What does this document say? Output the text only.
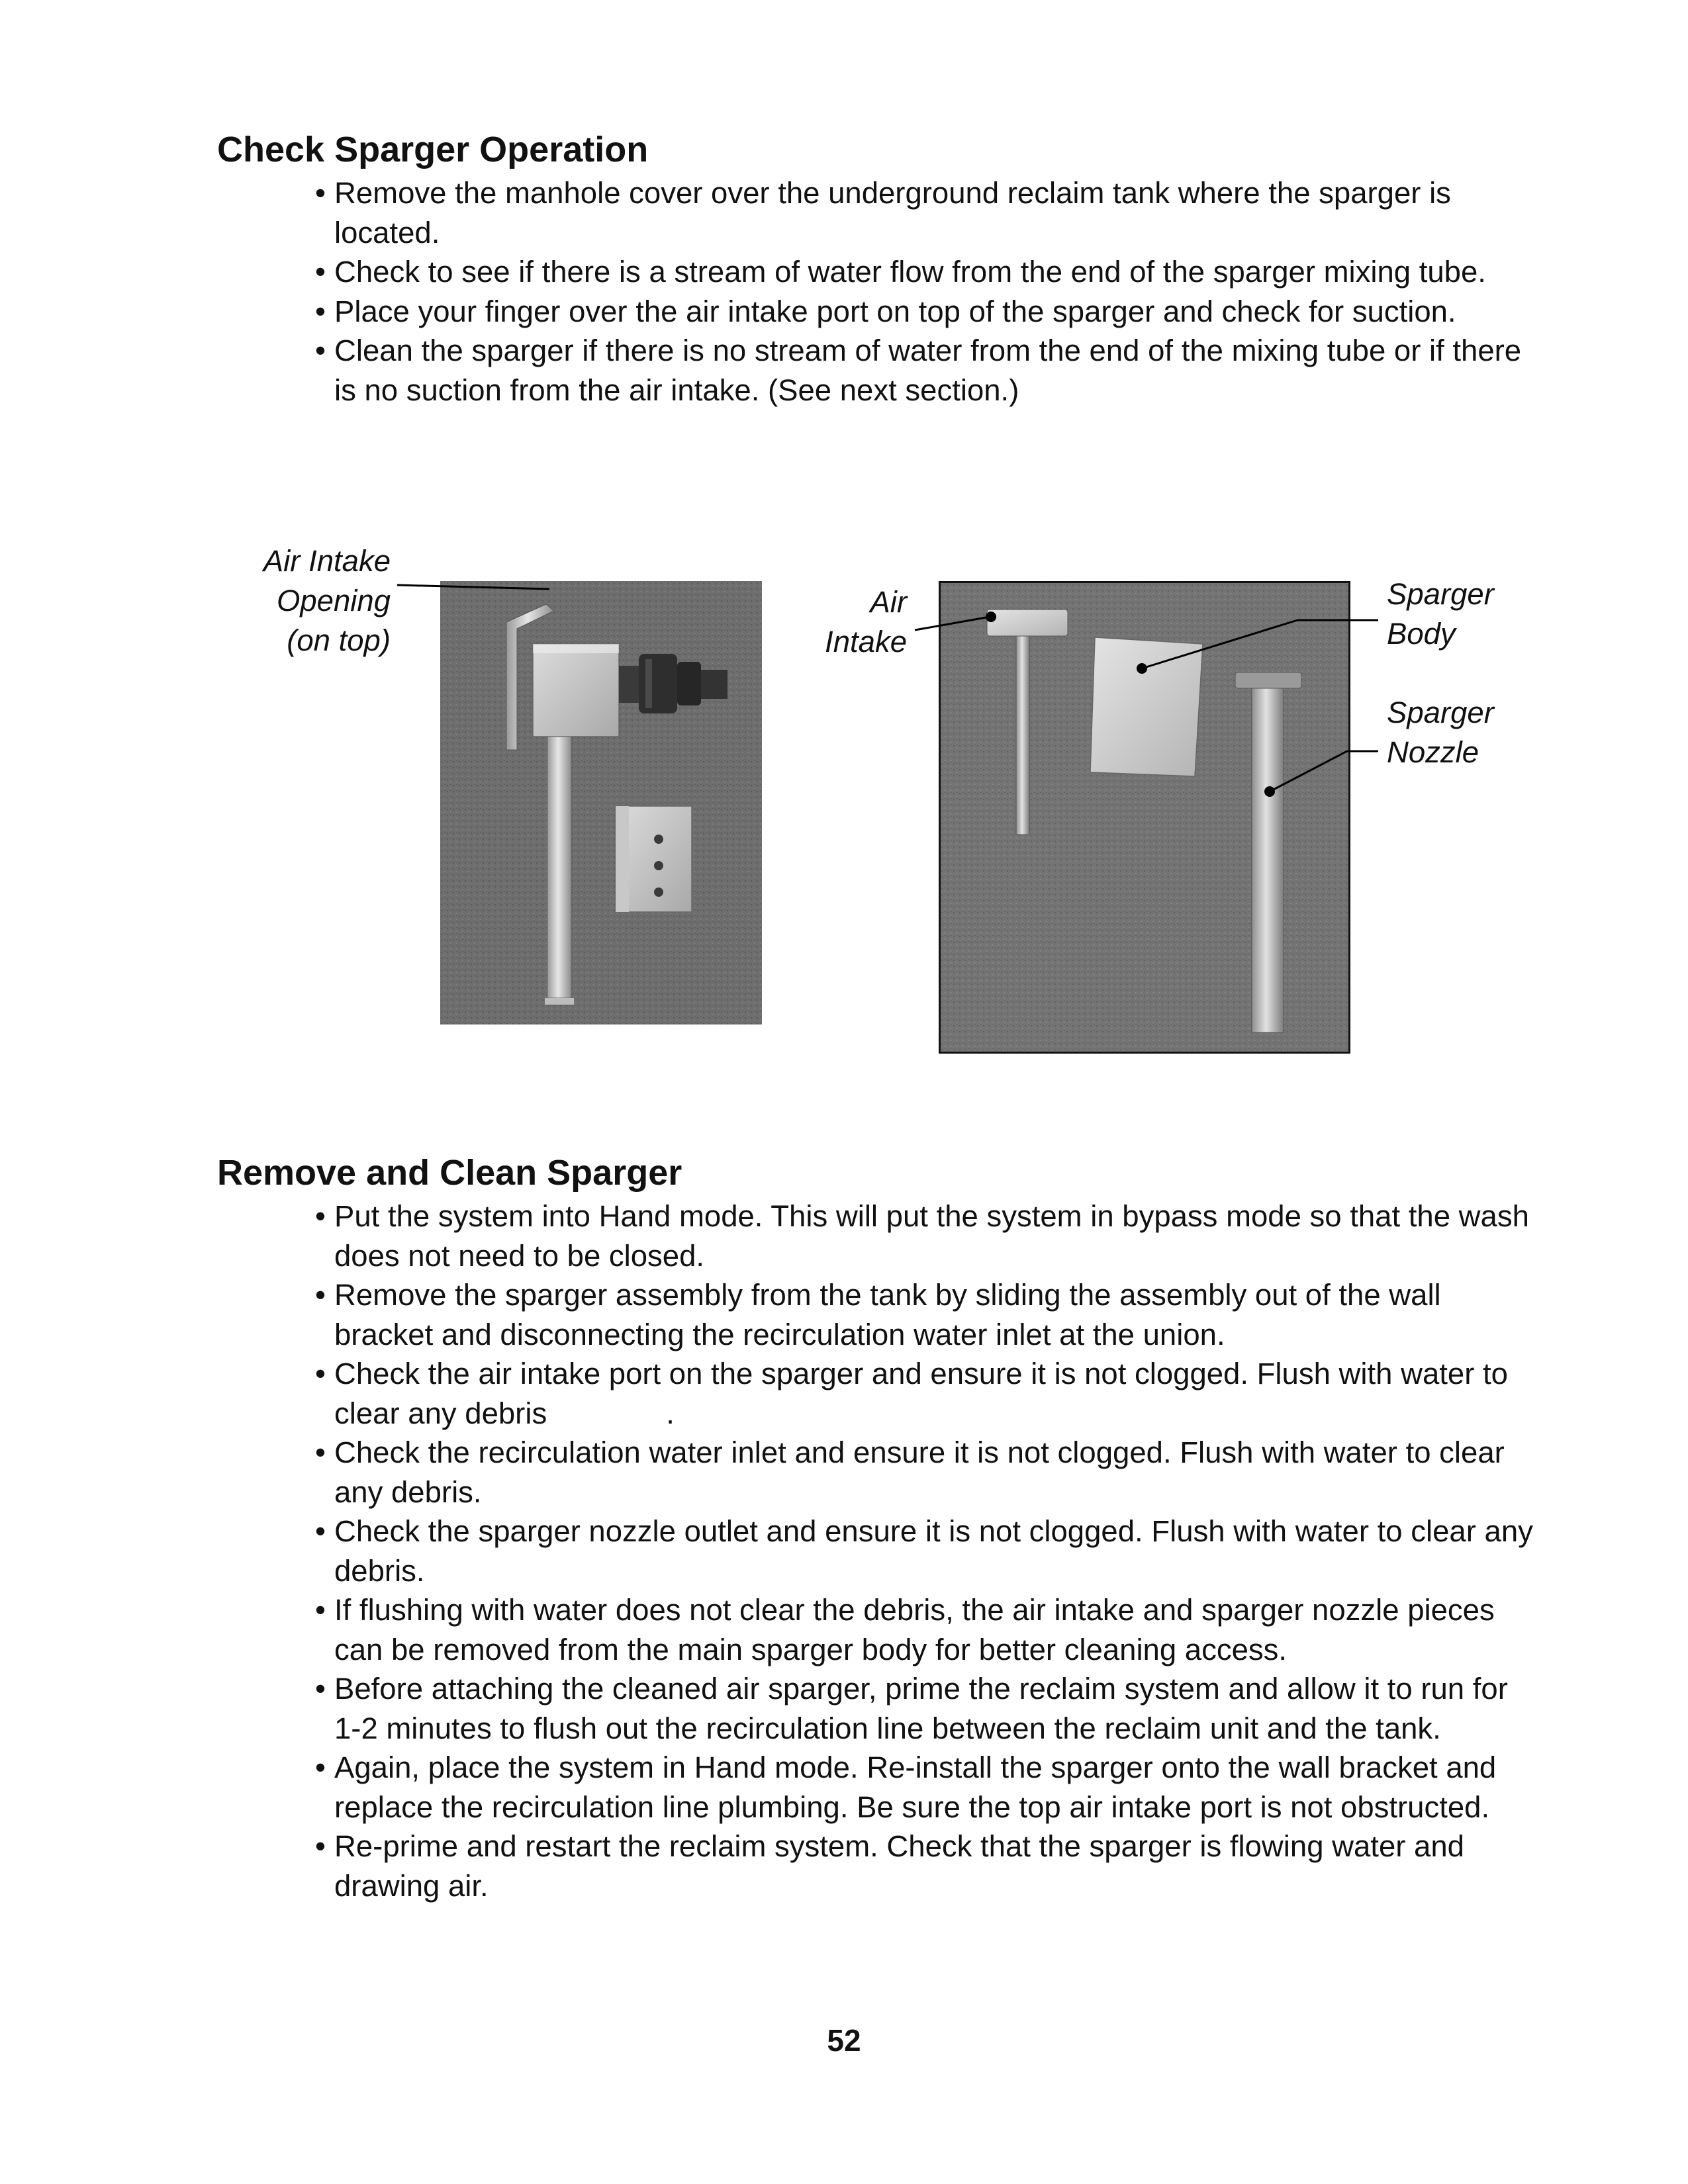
Check Sparger Operation
• Remove the manhole cover over the underground reclaim tank where the sparger is located.
• Check to see if there is a stream of water flow from the end of the sparger mixing tube.
• Place your finger over the air intake port on top of the sparger and check for suction.
• Clean the sparger if there is no stream of water from the end of the mixing tube or if there is no suction from the air intake. (See next section.)
Air Intake
Opening
(on top)
Air
Intake
Sparger
Body
Sparger
Nozzle
Remove and Clean Sparger
• Put the system into Hand mode. This will put the system in bypass mode so that the wash does not need to be closed.
• Remove the sparger assembly from the tank by sliding the assembly out of the wall bracket and disconnecting the recirculation water inlet at the union.
• Check the air intake port on the sparger and ensure it is not clogged. Flush with water to clear any debris	.
• Check the recirculation water inlet and ensure it is not clogged. Flush with water to clear any debris.
• Check the sparger nozzle outlet and ensure it is not clogged. Flush with water to clear any debris.
• If flushing with water does not clear the debris, the air intake and sparger nozzle pieces can be removed from the main sparger body for better cleaning access.
• Before attaching the cleaned air sparger, prime the reclaim system and allow it to run for 1-2 minutes to flush out the recirculation line between the reclaim unit and the tank.
• Again, place the system in Hand mode. Re-install the sparger onto the wall bracket and replace the recirculation line plumbing. Be sure the top air intake port is not obstructed.
• Re-prime and restart the reclaim system. Check that the sparger is flowing water and drawing air.
52
